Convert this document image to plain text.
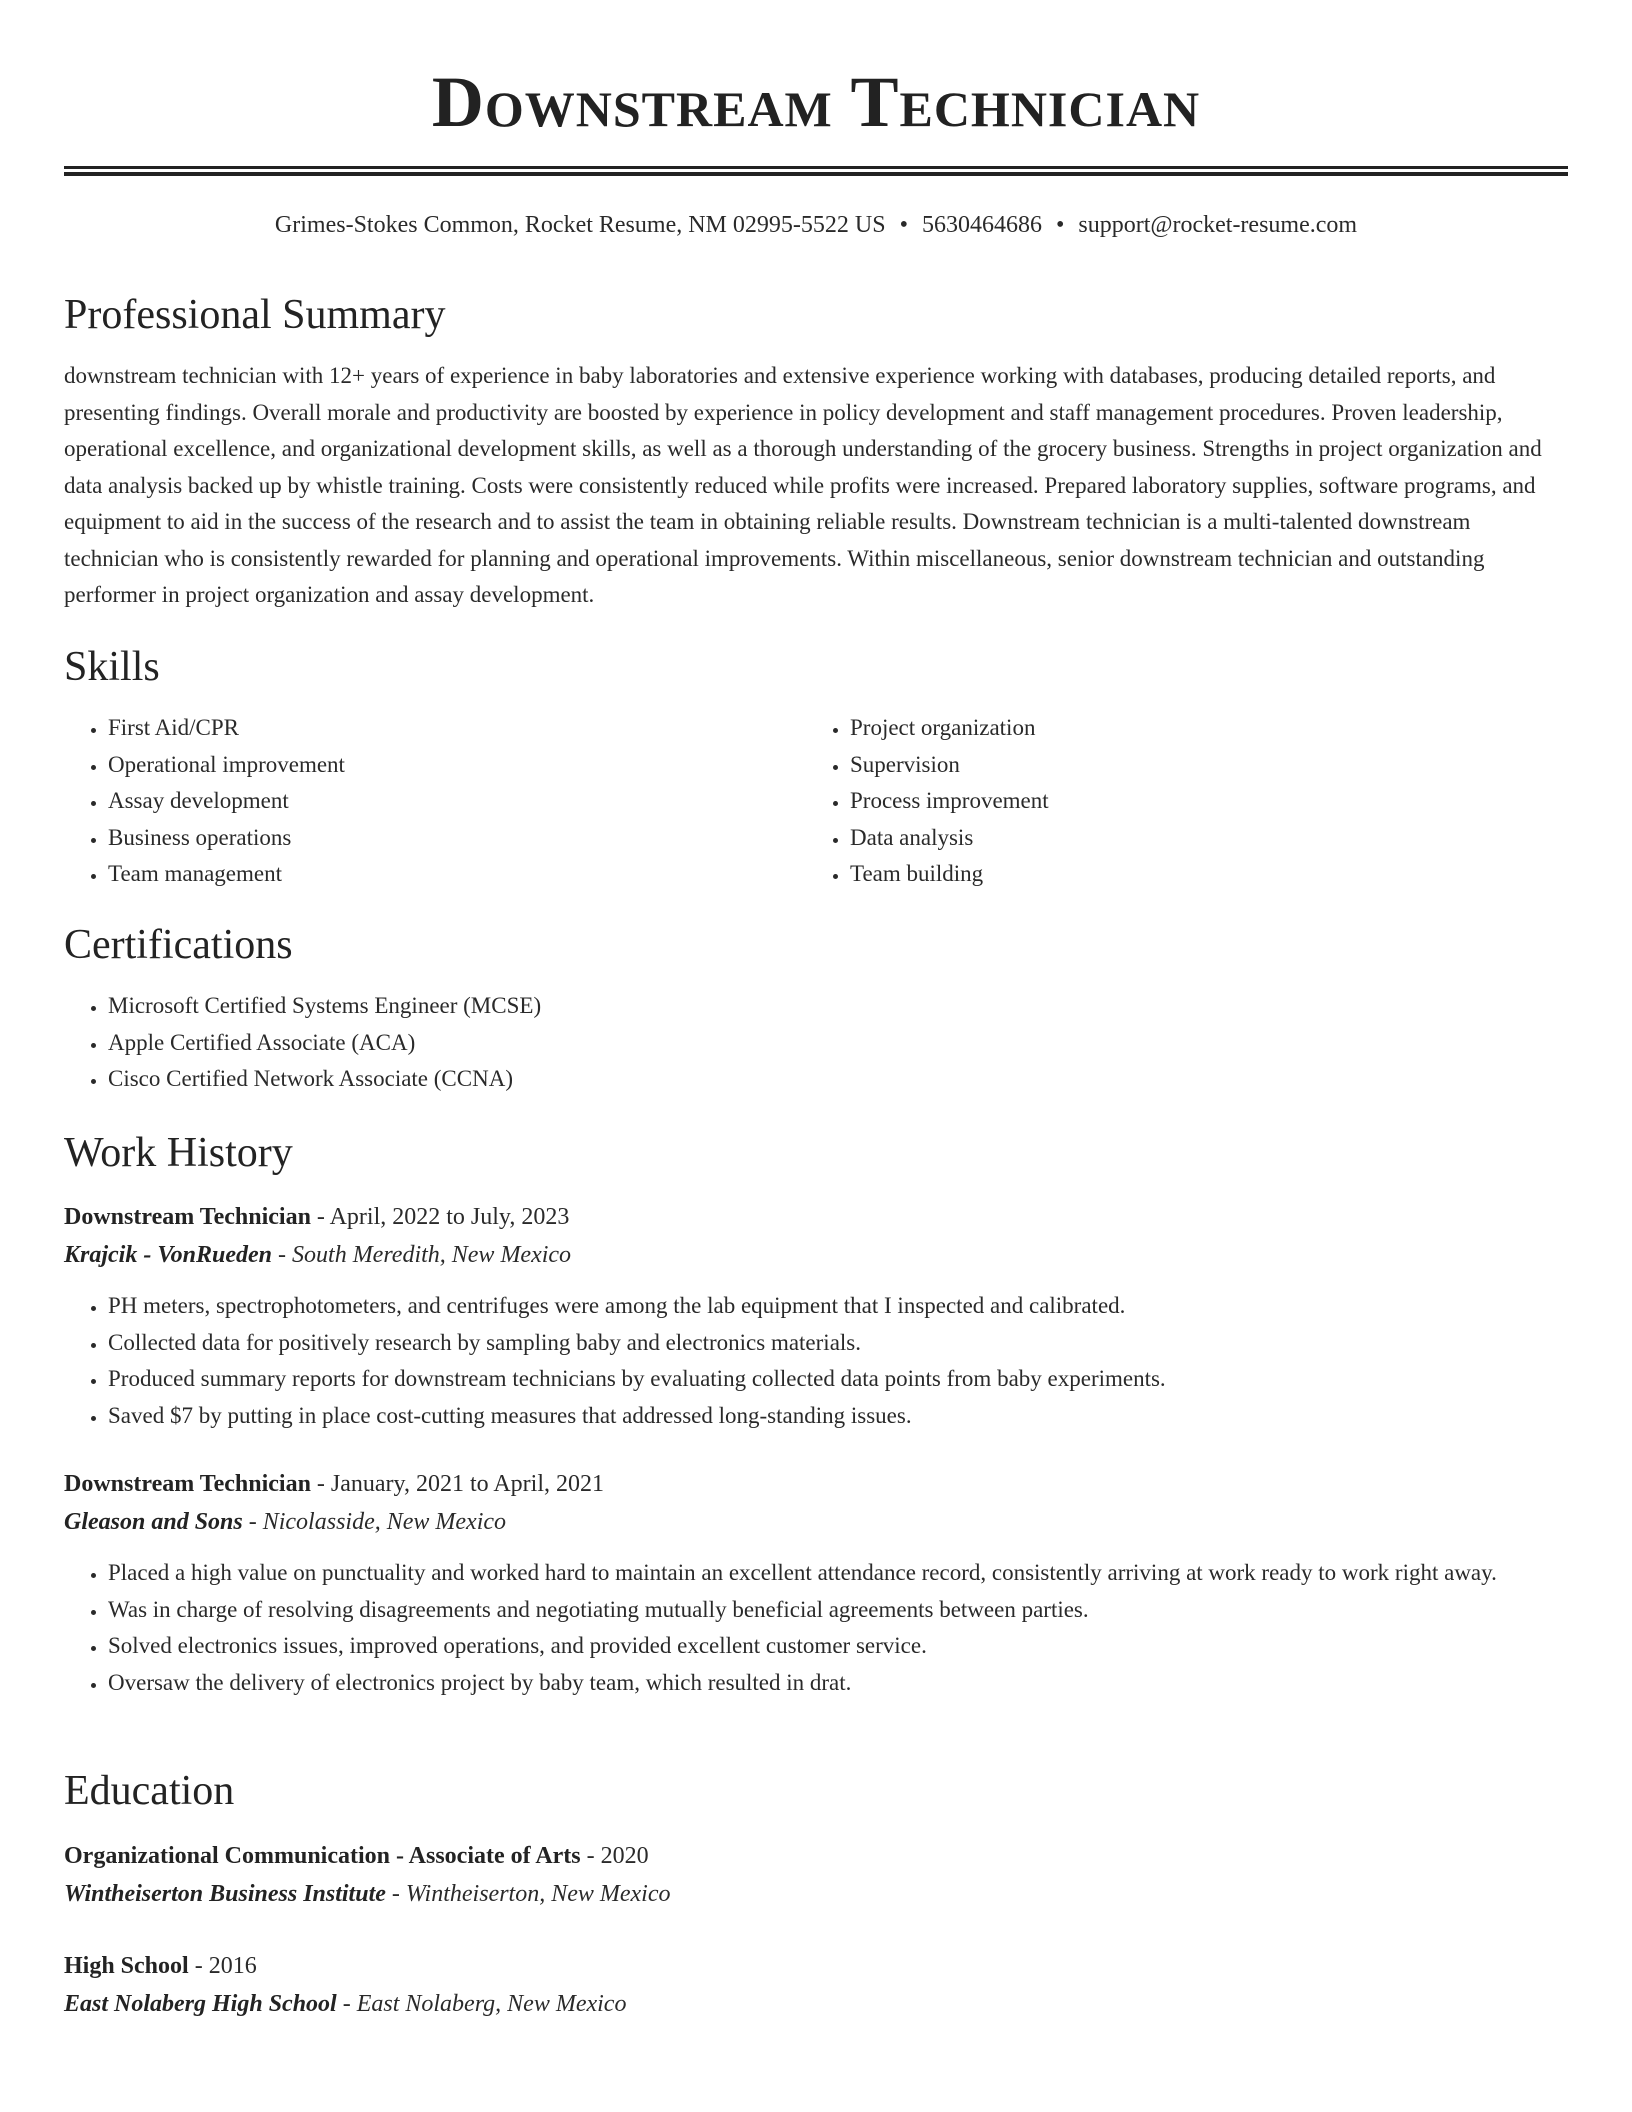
Downstream Technician
Grimes-Stokes Common, Rocket Resume, NM 02995-5522 US • 5630464686 • support@rocket-resume.com
Professional Summary

downstream technician with 12+ years of experience in baby laboratories and extensive experience working with databases, producing detailed reports, and presenting findings. Overall morale and productivity are boosted by experience in policy development and staff management procedures. Proven leadership, operational excellence, and organizational development skills, as well as a thorough understanding of the grocery business. Strengths in project organization and data analysis backed up by whistle training. Costs were consistently reduced while profits were increased. Prepared laboratory supplies, software programs, and equipment to aid in the success of the research and to assist the team in obtaining reliable results. Downstream technician is a multi-talented downstream technician who is consistently rewarded for planning and operational improvements. Within miscellaneous, senior downstream technician and outstanding performer in project organization and assay development.

Skills
• First Aid/CPR
• Operational improvement
• Assay development
• Business operations
• Team management
• Project organization
• Supervision
• Process improvement
• Data analysis
• Team building
Certifications
• Microsoft Certified Systems Engineer (MCSE)
• Apple Certified Associate (ACA)
• Cisco Certified Network Associate (CCNA)
Work History
Downstream Technician - April, 2022 to July, 2023
Krajcik - VonRueden - South Meredith, New Mexico
• PH meters, spectrophotometers, and centrifuges were among the lab equipment that I inspected and calibrated.
• Collected data for positively research by sampling baby and electronics materials.
• Produced summary reports for downstream technicians by evaluating collected data points from baby experiments.
• Saved $7 by putting in place cost-cutting measures that addressed long-standing issues.
Downstream Technician - January, 2021 to April, 2021
Gleason and Sons - Nicolasside, New Mexico
• Placed a high value on punctuality and worked hard to maintain an excellent attendance record, consistently arriving at work ready to work right away.
• Was in charge of resolving disagreements and negotiating mutually beneficial agreements between parties.
• Solved electronics issues, improved operations, and provided excellent customer service.
• Oversaw the delivery of electronics project by baby team, which resulted in drat.
Education
Organizational Communication - Associate of Arts - 2020
Wintheiserton Business Institute - Wintheiserton, New Mexico
High School - 2016
East Nolaberg High School - East Nolaberg, New Mexico
